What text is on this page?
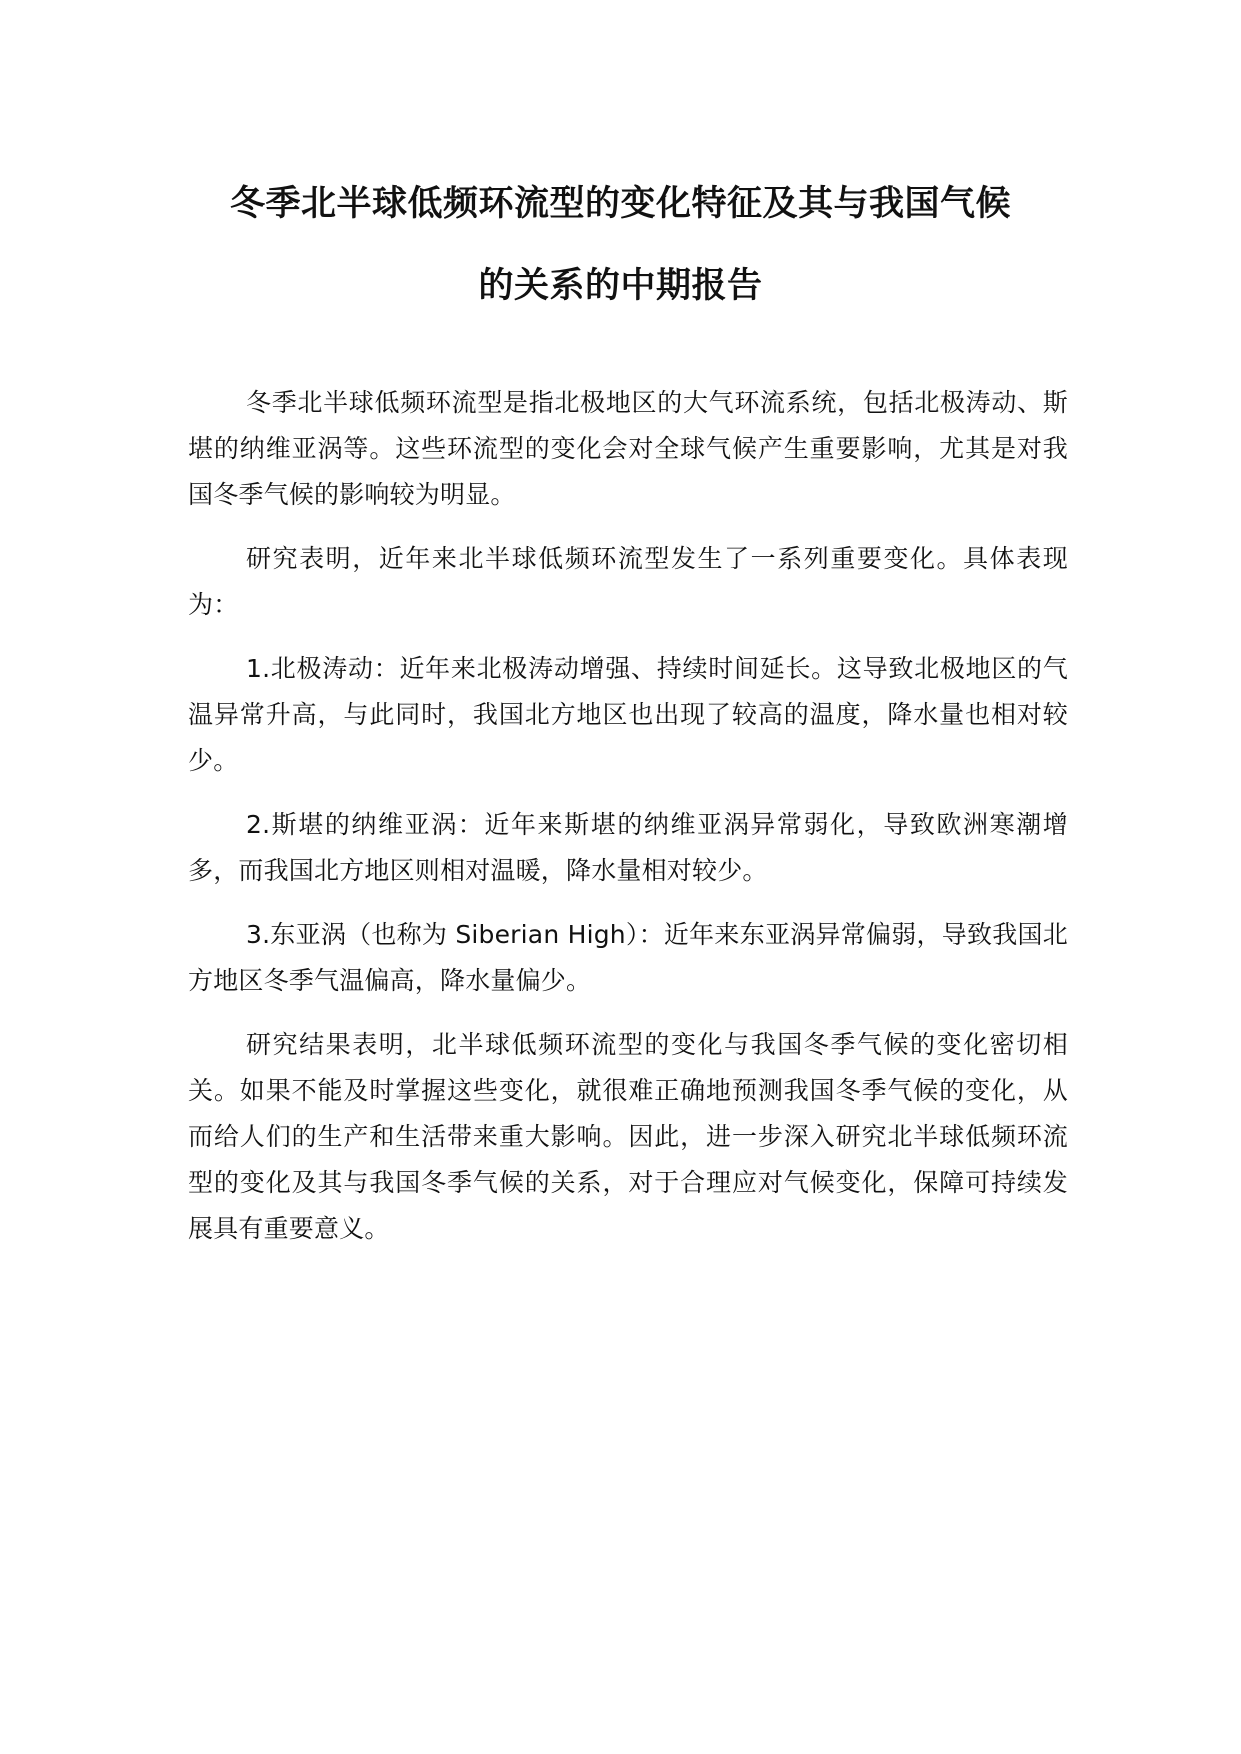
冬季北半球低频环流型的变化特征及其与我国气候
的关系的中期报告

冬季北半球低频环流型是指北极地区的大气环流系统，包括北极涛动、斯堪的纳维亚涡等。这些环流型的变化会对全球气候产生重要影响，尤其是对我国冬季气候的影响较为明显。

研究表明，近年来北半球低频环流型发生了一系列重要变化。具体表现为：

1.北极涛动：近年来北极涛动增强、持续时间延长。这导致北极地区的气温异常升高，与此同时，我国北方地区也出现了较高的温度，降水量也相对较少。

2.斯堪的纳维亚涡：近年来斯堪的纳维亚涡异常弱化，导致欧洲寒潮增多，而我国北方地区则相对温暖，降水量相对较少。

3.东亚涡（也称为 Siberian High）：近年来东亚涡异常偏弱，导致我国北方地区冬季气温偏高，降水量偏少。

研究结果表明，北半球低频环流型的变化与我国冬季气候的变化密切相关。如果不能及时掌握这些变化，就很难正确地预测我国冬季气候的变化，从而给人们的生产和生活带来重大影响。因此，进一步深入研究北半球低频环流型的变化及其与我国冬季气候的关系，对于合理应对气候变化，保障可持续发展具有重要意义。
